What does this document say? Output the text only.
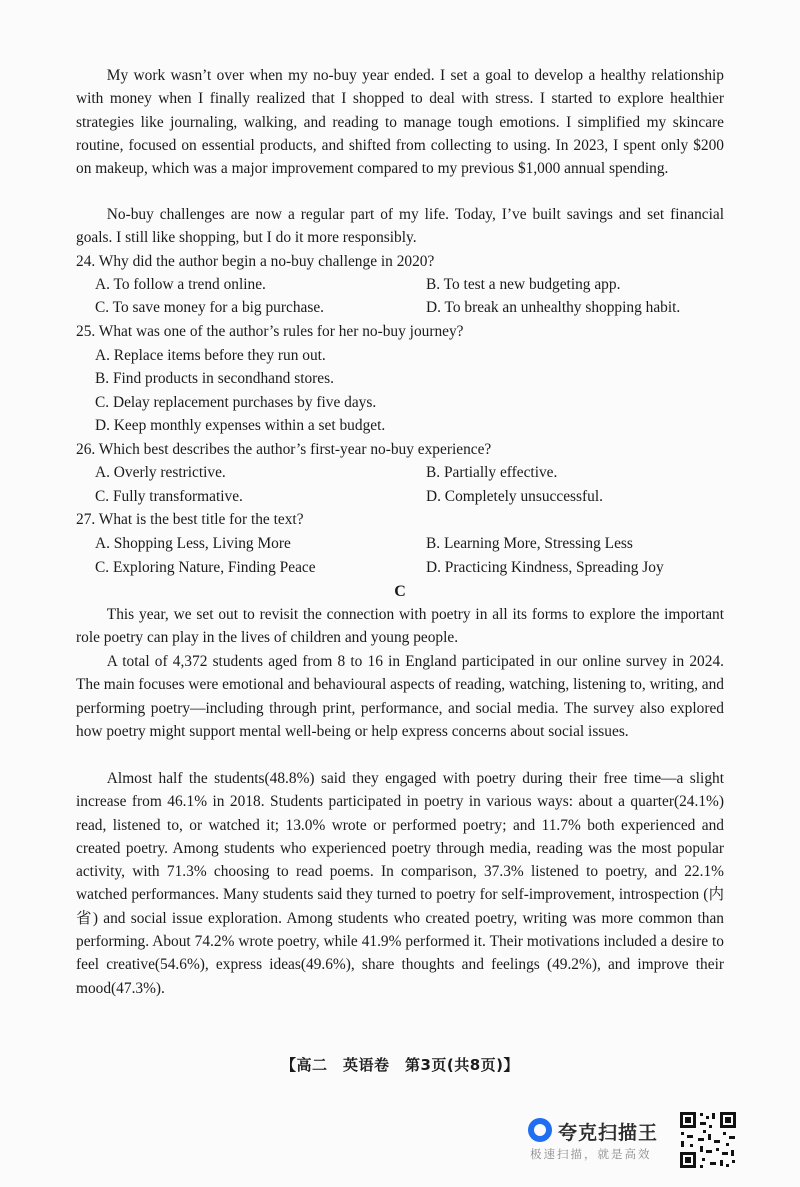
My work wasn’t over when my no-buy year ended. I set a goal to develop a healthy relationship with money when I finally realized that I shopped to deal with stress. I started to explore healthier strategies like journaling, walking, and reading to manage tough emotions. I simplified my skincare routine, focused on essential products, and shifted from collecting to using. In 2023, I spent only $200 on makeup, which was a major improvement compared to my previous $1,000 annual spending.

No-buy challenges are now a regular part of my life. Today, I’ve built savings and set financial goals. I still like shopping, but I do it more responsibly.

24. Why did the author begin a no-buy challenge in 2020?

A. To follow a trend online.	B. To test a new budgeting app.

C. To save money for a big purchase.	D. To break an unhealthy shopping habit.

25. What was one of the author’s rules for her no-buy journey?

A. Replace items before they run out.

B. Find products in secondhand stores.

C. Delay replacement purchases by five days.

D. Keep monthly expenses within a set budget.

26. Which best describes the author’s first-year no-buy experience?

A. Overly restrictive.	B. Partially effective.

C. Fully transformative.	D. Completely unsuccessful.

27. What is the best title for the text?

A. Shopping Less, Living More	B. Learning More, Stressing Less

C. Exploring Nature, Finding Peace	D. Practicing Kindness, Spreading Joy

C

This year, we set out to revisit the connection with poetry in all its forms to explore the important role poetry can play in the lives of children and young people.

A total of 4,372 students aged from 8 to 16 in England participated in our online survey in 2024. The main focuses were emotional and behavioural aspects of reading, watching, listening to, writing, and performing poetry—including through print, performance, and social media. The survey also explored how poetry might support mental well-being or help express concerns about social issues.

Almost half the students(48.8%) said they engaged with poetry during their free time—a slight increase from 46.1% in 2018. Students participated in poetry in various ways: about a quarter(24.1%) read, listened to, or watched it; 13.0% wrote or performed poetry; and 11.7% both experienced and created poetry. Among students who experienced poetry through media, reading was the most popular activity, with 71.3% choosing to read poems. In comparison, 37.3% listened to poetry, and 22.1% watched performances. Many students said they turned to poetry for self-improvement, introspection (内省) and social issue exploration. Among students who created poetry, writing was more common than performing. About 74.2% wrote poetry, while 41.9% performed it. Their motivations included a desire to feel creative(54.6%), express ideas(49.6%), share thoughts and feelings (49.2%), and improve their mood(47.3%).

【高二　英语卷　第3页(共8页)】
夸克扫描王
极速扫描，就是高效
